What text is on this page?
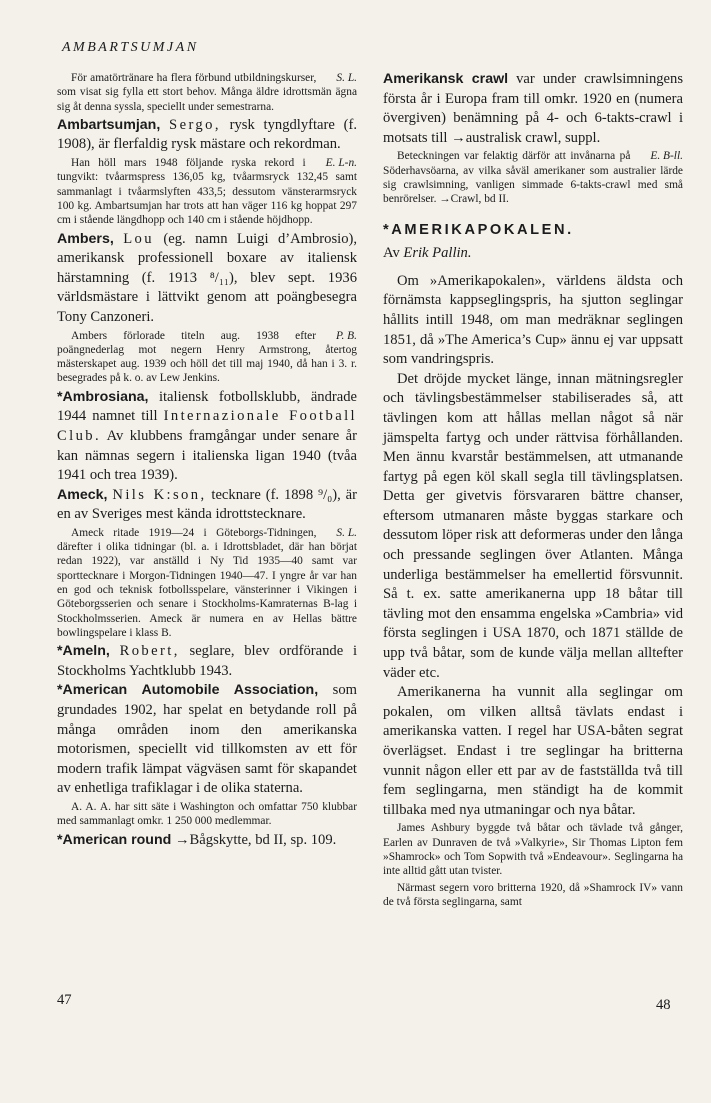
AMBARTSUMJAN

S. L.
För amatörtränare ha flera förbund utbildningskurser, som visat sig fylla ett stort behov. Många äldre idrottsmän ägna sig åt denna syssla, speciellt under semestrarna.

Ambartsumjan, Sergo, rysk tyngdlyftare (f. 1908), är flerfaldig rysk mästare och rekordman.

E. L-n.
Han höll mars 1948 följande ryska rekord i tungvikt: tvåarmspress 136,05 kg, tvåarmsryck 132,45 samt sammanlagt i tvåarmslyften 433,5; dessutom vänsterarmsryck 100 kg. Ambartsumjan har trots att han väger 116 kg hoppat 297 cm i stående längdhopp och 140 cm i stående höjdhopp.

Ambers, Lou (eg. namn Luigi d’Ambrosio), amerikansk professionell boxare av italiensk härstamning (f. 1913 ⁸/₁₁), blev sept. 1936 världsmästare i lättvikt genom att poängbesegra Tony Canzoneri.

P. B.
Ambers förlorade titeln aug. 1938 efter poängnederlag mot negern Henry Armstrong, återtog mästerskapet aug. 1939 och höll det till maj 1940, då han i 3. r. besegrades på k. o. av Lew Jenkins.

*Ambrosiana, italiensk fotbollsklubb, ändrade 1944 namnet till Internazionale Football Club. Av klubbens framgångar under senare år kan nämnas segern i italienska ligan 1940 (tvåa 1941 och trea 1939).

Ameck, Nils K:son, tecknare (f. 1898 ⁹/₀), är en av Sveriges mest kända idrottstecknare.

S. L.
Ameck ritade 1919—24 i Göteborgs-Tidningen, därefter i olika tidningar (bl. a. i Idrottsbladet, där han börjat redan 1922), var anställd i Ny Tid 1935—40 samt var sporttecknare i Morgon-Tidningen 1940—47. I yngre år var han en god och teknisk fotbollsspelare, vänsterinner i Vikingen i Göteborgsserien och senare i Stockholms-Kamraternas B-lag i Stockholmsserien. Ameck är numera en av Hellas bättre bowlingspelare i klass B.

*Ameln, Robert, seglare, blev ordförande i Stockholms Yachtklubb 1943.

*American Automobile Association, som grundades 1902, har spelat en betydande roll på många områden inom den amerikanska motorismen, speciellt vid tillkomsten av ett för modern trafik lämpat vägväsen samt för skapandet av enhetliga trafiklagar i de olika staterna.

A. A. A. har sitt säte i Washington och omfattar 750 klubbar med sammanlagt omkr. 1 250 000 medlemmar.

*American round →Bågskytte, bd II, sp. 109.

Amerikansk crawl var under crawlsimningens första år i Europa fram till omkr. 1920 en (numera övergiven) benämning på 4- och 6-takts-crawl i motsats till →australisk crawl, suppl.

E. B-ll.
Beteckningen var felaktig därför att invånarna på Söderhavsöarna, av vilka såväl amerikaner som australier lärde sig crawlsimning, vanligen simmade 6-takts-crawl med små benrörelser. →Crawl, bd II.

*AMERIKAPOKALEN.

Av Erik Pallin.

Om »Amerikapokalen», världens äldsta och förnämsta kappseglingspris, ha sjutton seglingar hållits intill 1948, om man medräknar seglingen 1851, då »The America’s Cup» ännu ej var uppsatt som vandringspris.

Det dröjde mycket länge, innan mätningsregler och tävlingsbestämmelser stabiliserades så, att tävlingen kom att hållas mellan något så när jämspelta fartyg och under rättvisa förhållanden. Men ännu kvarstår bestämmelsen, att utmanande fartyg på egen köl skall segla till tävlingsplatsen. Detta ger givetvis försvararen bättre chanser, eftersom utmanaren måste byggas starkare och dessutom löper risk att deformeras under den långa och pressande seglingen över Atlanten. Många underliga bestämmelser ha emellertid försvunnit. Så t. ex. satte amerikanerna upp 18 båtar till tävling mot den ensamma engelska »Cambria» vid första seglingen i USA 1870, och 1871 ställde de upp två båtar, som de kunde välja mellan alltefter väder etc.

Amerikanerna ha vunnit alla seglingar om pokalen, om vilken alltså tävlats endast i amerikanska vatten. I regel har USA-båten segrat överlägset. Endast i tre seglingar ha britterna vunnit någon eller ett par av de fastställda två till fem seglingarna, men ständigt ha de kommit tillbaka med nya utmaningar och nya båtar.

James Ashbury byggde två båtar och tävlade två gånger, Earlen av Dunraven de två »Valkyrie», Sir Thomas Lipton fem »Shamrock» och Tom Sopwith två »Endeavour». Seglingarna ha inte alltid gått utan tvister.

Närmast segern voro britterna 1920, då »Shamrock IV» vann de två första seglingarna, samt

47	48
